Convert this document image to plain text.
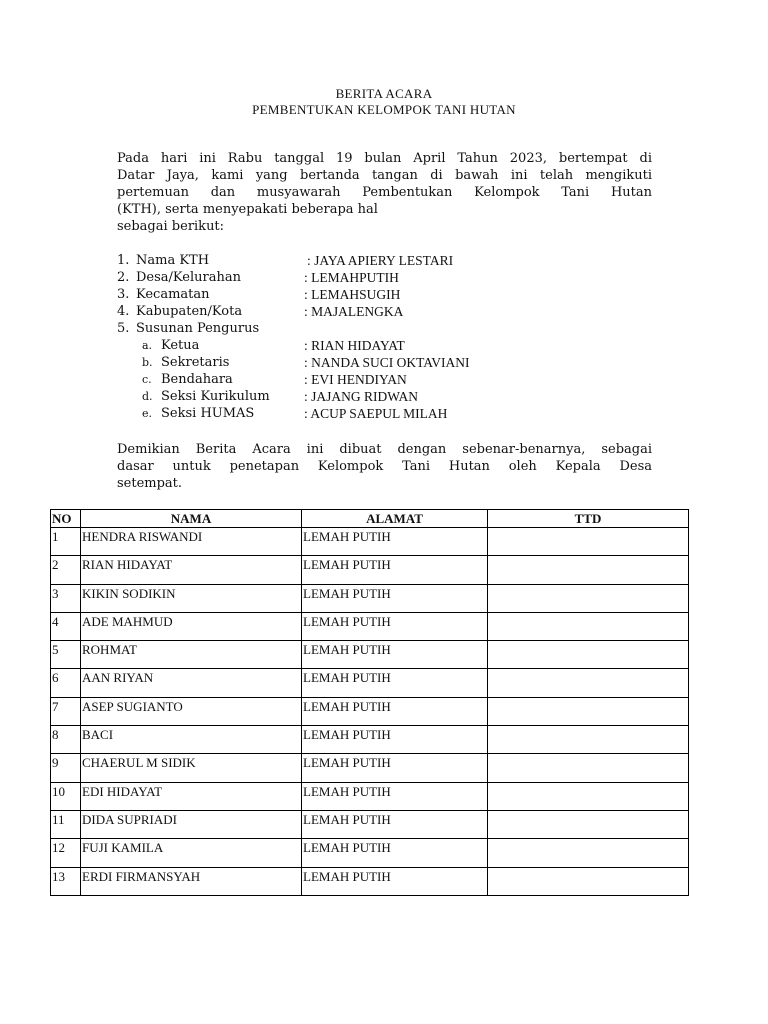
BERITA ACARA
PEMBENTUKAN KELOMPOK TANI HUTAN
Pada hari ini Rabu tanggal 19 bulan April Tahun 2023, bertempat di
Datar Jaya, kami yang bertanda tangan di bawah ini telah mengikuti
pertemuan dan musyawarah Pembentukan Kelompok Tani Hutan
(KTH), serta menyepakati beberapa hal
sebagai berikut:
1. Nama KTH	: JAYA APIERY LESTARI
2. Desa/Kelurahan	: LEMAHPUTIH
3. Kecamatan	: LEMAHSUGIH
4. Kabupaten/Kota	: MAJALENGKA
5. Susunan Pengurus
a. Ketua	: RIAN HIDAYAT
b. Sekretaris	: NANDA SUCI OKTAVIANI
c. Bendahara	: EVI HENDIYAN
d. Seksi Kurikulum	: JAJANG RIDWAN
e. Seksi HUMAS	: ACUP SAEPUL MILAH
Demikian Berita Acara ini dibuat dengan sebenar-benarnya, sebagai
dasar untuk penetapan Kelompok Tani Hutan oleh Kepala Desa
setempat.
NO	NAMA	ALAMAT	TTD
1	HENDRA RISWANDI	LEMAH PUTIH	
2	RIAN HIDAYAT	LEMAH PUTIH	
3	KIKIN SODIKIN	LEMAH PUTIH	
4	ADE MAHMUD	LEMAH PUTIH	
5	ROHMAT	LEMAH PUTIH	
6	AAN RIYAN	LEMAH PUTIH	
7	ASEP SUGIANTO	LEMAH PUTIH	
8	BACI	LEMAH PUTIH	
9	CHAERUL M SIDIK	LEMAH PUTIH	
10	EDI HIDAYAT	LEMAH PUTIH	
11	DIDA SUPRIADI	LEMAH PUTIH	
12	FUJI KAMILA	LEMAH PUTIH	
13	ERDI FIRMANSYAH	LEMAH PUTIH	
